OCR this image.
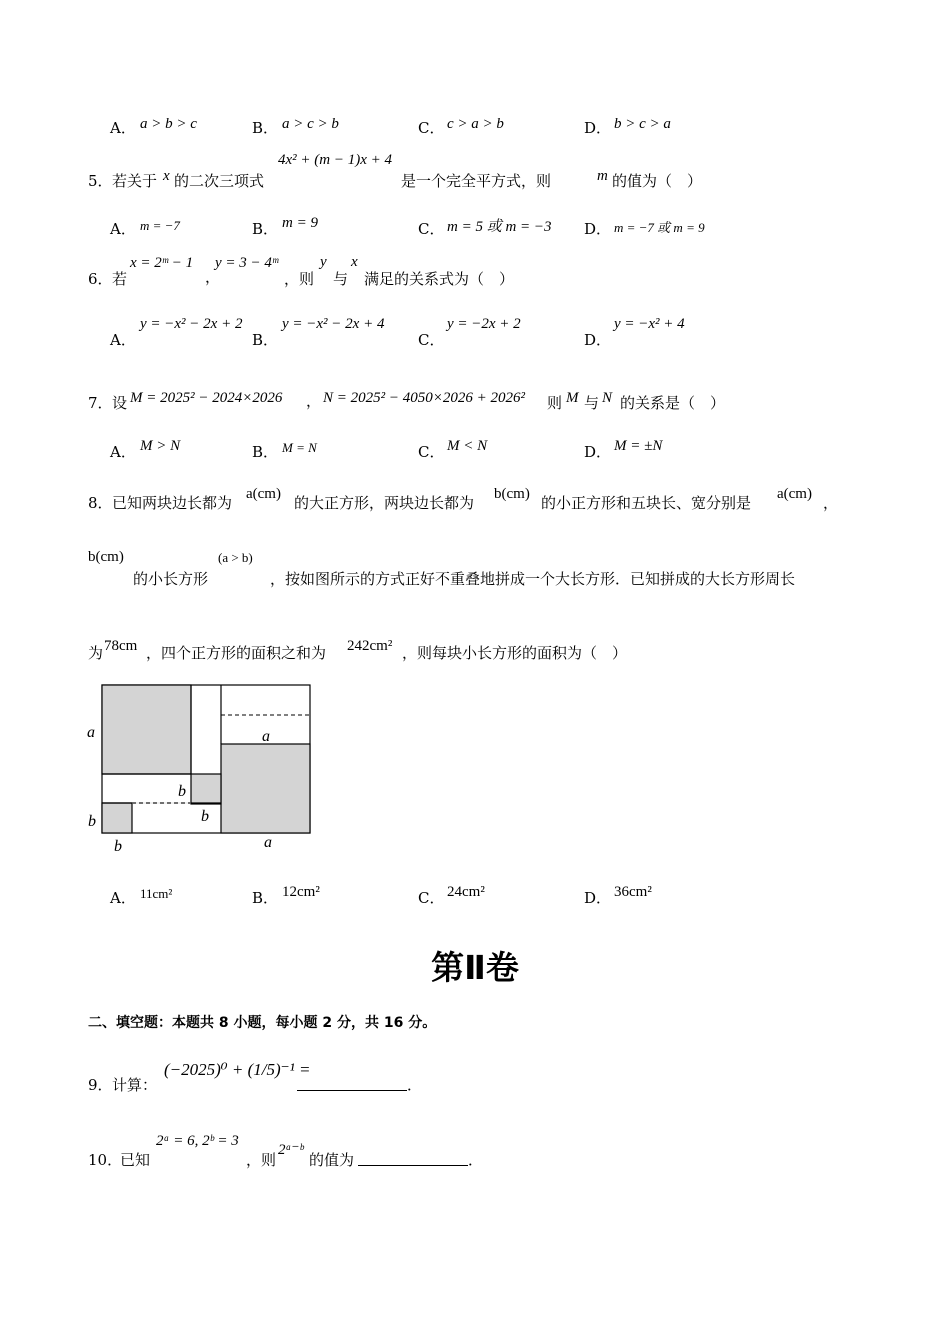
A． a > b > c	B． a > c > b	C． c > a > b	D． b > c > a
5． 若关于 x 的二次三项式
4x² + (m − 1)x + 4
是一个完全平方式，则	m 的值为（　）
A． m = −7	B． m = 9	C． m = 5 或 m = −3 D． m = −7 或 m = 9
6． 若
x = 2ᵐ − 1
，
y = 3 − 4ᵐ
，则
y
与
x
满足的关系式为（　）
A．
y = −x² − 2x + 2
B．
y = −x² − 2x + 4
C．
y = −2x + 2
D．
y = −x² + 4
7． 设 M = 2025² − 2024×2026 ， N = 2025² − 4050×2026 + 2026² 则 M 与 N 的关系是（　）
A． M > N	B． M = N	C． M < N	D． M = ±N
8． 已知两块边长都为 a(cm) 的大正方形，两块边长都为 b(cm) 的小正方形和五块长、宽分别是 a(cm) ，
b(cm)
的小长方形
(a > b)
，按如图所示的方式正好不重叠地拼成一个大长方形．已知拼成的大长方形周长
为 78cm ，四个正方形的面积之和为 242cm² ，则每块小长方形的面积为（　）
a	a
b
b
b
b	a
A． 11cm²	B． 12cm²	C． 24cm²	D． 36cm²
第Ⅱ卷
二、填空题：本题共 8 小题，每小题 2 分，共 16 分。
9． 计算：
(−2025)⁰ + (1/5)⁻¹ =
．
10．
已知
2ᵃ = 6, 2ᵇ = 3
，则
2ᵃ⁻ᵇ
的值为	．
